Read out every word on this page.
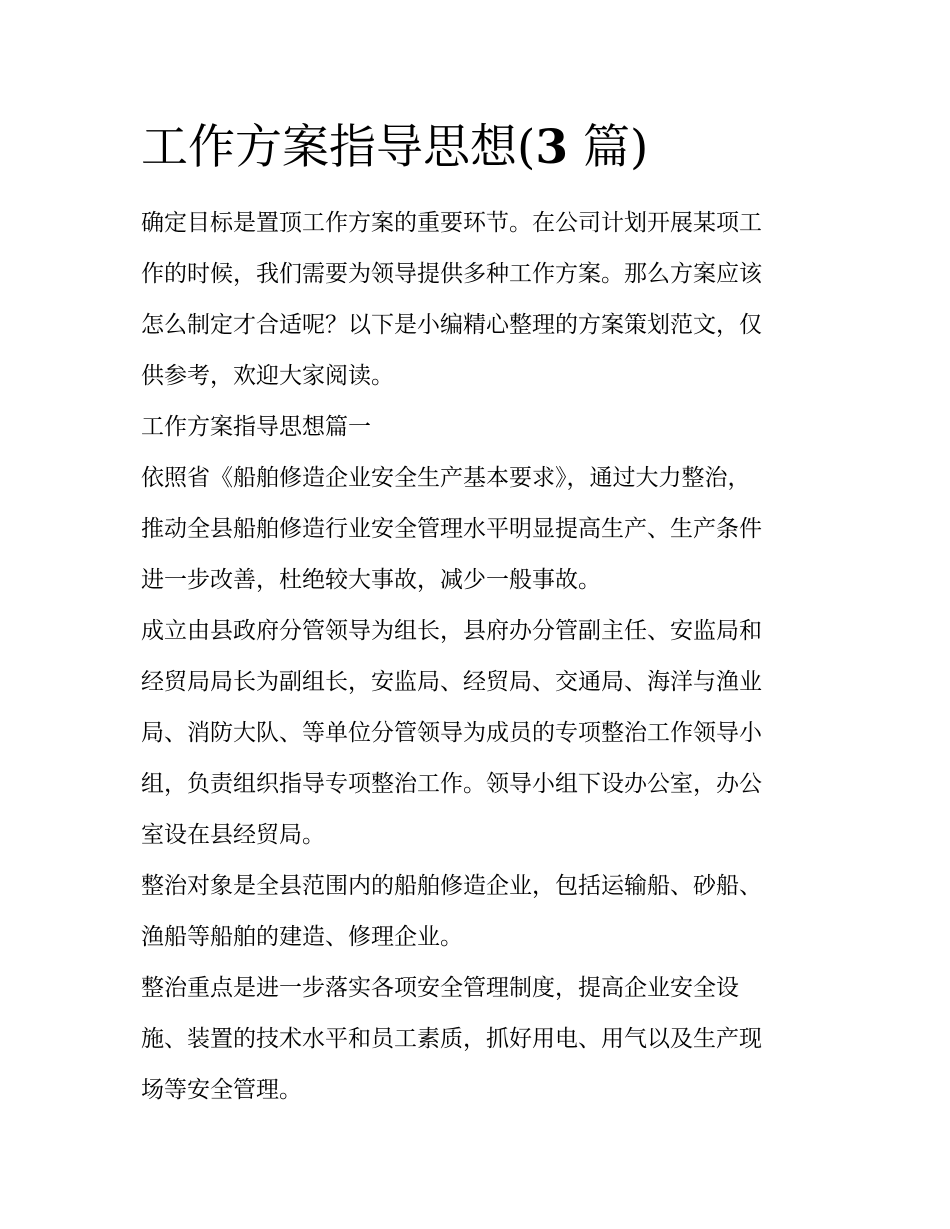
工作方案指导思想(3 篇)

确定目标是置顶工作方案的重要环节。在公司计划开展某项工
作的时候，我们需要为领导提供多种工作方案。那么方案应该
怎么制定才合适呢？以下是小编精心整理的方案策划范文，仅
供参考，欢迎大家阅读。

工作方案指导思想篇一

依照省《船舶修造企业安全生产基本要求》，通过大力整治，
推动全县船舶修造行业安全管理水平明显提高生产、生产条件
进一步改善，杜绝较大事故，减少一般事故。

成立由县政府分管领导为组长，县府办分管副主任、安监局和
经贸局局长为副组长，安监局、经贸局、交通局、海洋与渔业
局、消防大队、等单位分管领导为成员的专项整治工作领导小
组，负责组织指导专项整治工作。领导小组下设办公室，办公
室设在县经贸局。

整治对象是全县范围内的船舶修造企业，包括运输船、砂船、
渔船等船舶的建造、修理企业。

整治重点是进一步落实各项安全管理制度，提高企业安全设
施、装置的技术水平和员工素质，抓好用电、用气以及生产现
场等安全管理。
